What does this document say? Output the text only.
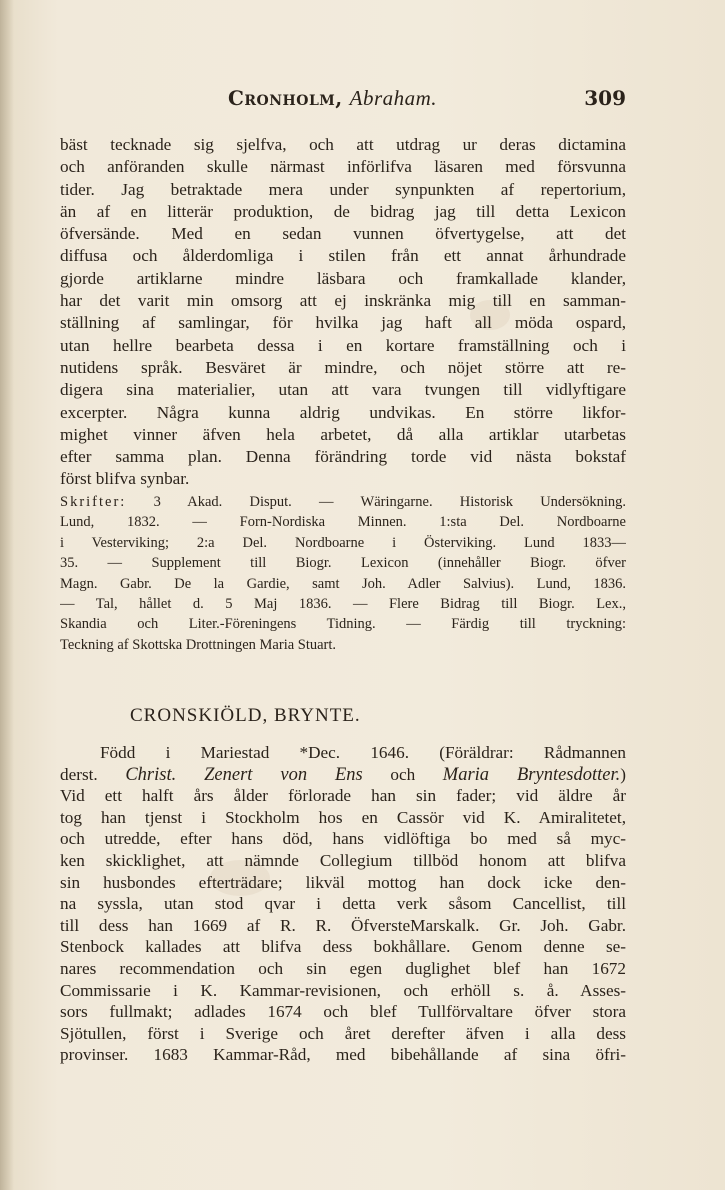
Cronholm, Abraham.	309
bäst tecknade sig sjelfva, och att utdrag ur deras dictamina
och anföranden skulle närmast införlifva läsaren med försvunna
tider. Jag betraktade mera under synpunkten af repertorium,
än af en litterär produktion, de bidrag jag till detta Lexicon
öfversände. Med en sedan vunnen öfvertygelse, att det
diffusa och ålderdomliga i stilen från ett annat århundrade
gjorde artiklarne mindre läsbara och framkallade klander,
har det varit min omsorg att ej inskränka mig till en samman-
ställning af samlingar, för hvilka jag haft all möda ospard,
utan hellre bearbeta dessa i en kortare framställning och i
nutidens språk. Besväret är mindre, och nöjet större att re-
digera sina materialier, utan att vara tvungen till vidlyftigare
excerpter. Några kunna aldrig undvikas. En större likfor-
mighet vinner äfven hela arbetet, då alla artiklar utarbetas
efter samma plan. Denna förändring torde vid nästa bokstaf
först blifva synbar.
Skrifter: 3 Akad. Disput. — Wäringarne. Historisk Undersökning.
Lund, 1832. — Forn-Nordiska Minnen. 1:sta Del. Nordboarne
i Vesterviking; 2:a Del. Nordboarne i Österviking. Lund 1833—
35. — Supplement till Biogr. Lexicon (innehåller Biogr. öfver
Magn. Gabr. De la Gardie, samt Joh. Adler Salvius). Lund, 1836.
— Tal, hållet d. 5 Maj 1836. — Flere Bidrag till Biogr. Lex.,
Skandia och Liter.-Föreningens Tidning. — Färdig till tryckning:
Teckning af Skottska Drottningen Maria Stuart.
CRONSKIÖLD, BRYNTE.
Född i Mariestad *Dec. 1646. (Föräldrar: Rådmannen
derst. Christ. Zenert von Ens och Maria Bryntesdotter.)
Vid ett halft års ålder förlorade han sin fader; vid äldre år
tog han tjenst i Stockholm hos en Cassör vid K. Amiralitetet,
och utredde, efter hans död, hans vidlöftiga bo med så myc-
ken skicklighet, att nämnde Collegium tillböd honom att blifva
sin husbondes efterträdare; likväl mottog han dock icke den-
na syssla, utan stod qvar i detta verk såsom Cancellist, till
till dess han 1669 af R. R. ÖfversteMarskalk. Gr. Joh. Gabr.
Stenbock kallades att blifva dess bokhållare. Genom denne se-
nares recommendation och sin egen duglighet blef han 1672
Commissarie i K. Kammar-revisionen, och erhöll s. å. Asses-
sors fullmakt; adlades 1674 och blef Tullförvaltare öfver stora
Sjötullen, först i Sverige och året derefter äfven i alla dess
provinser. 1683 Kammar-Råd, med bibehållande af sina öfri-
